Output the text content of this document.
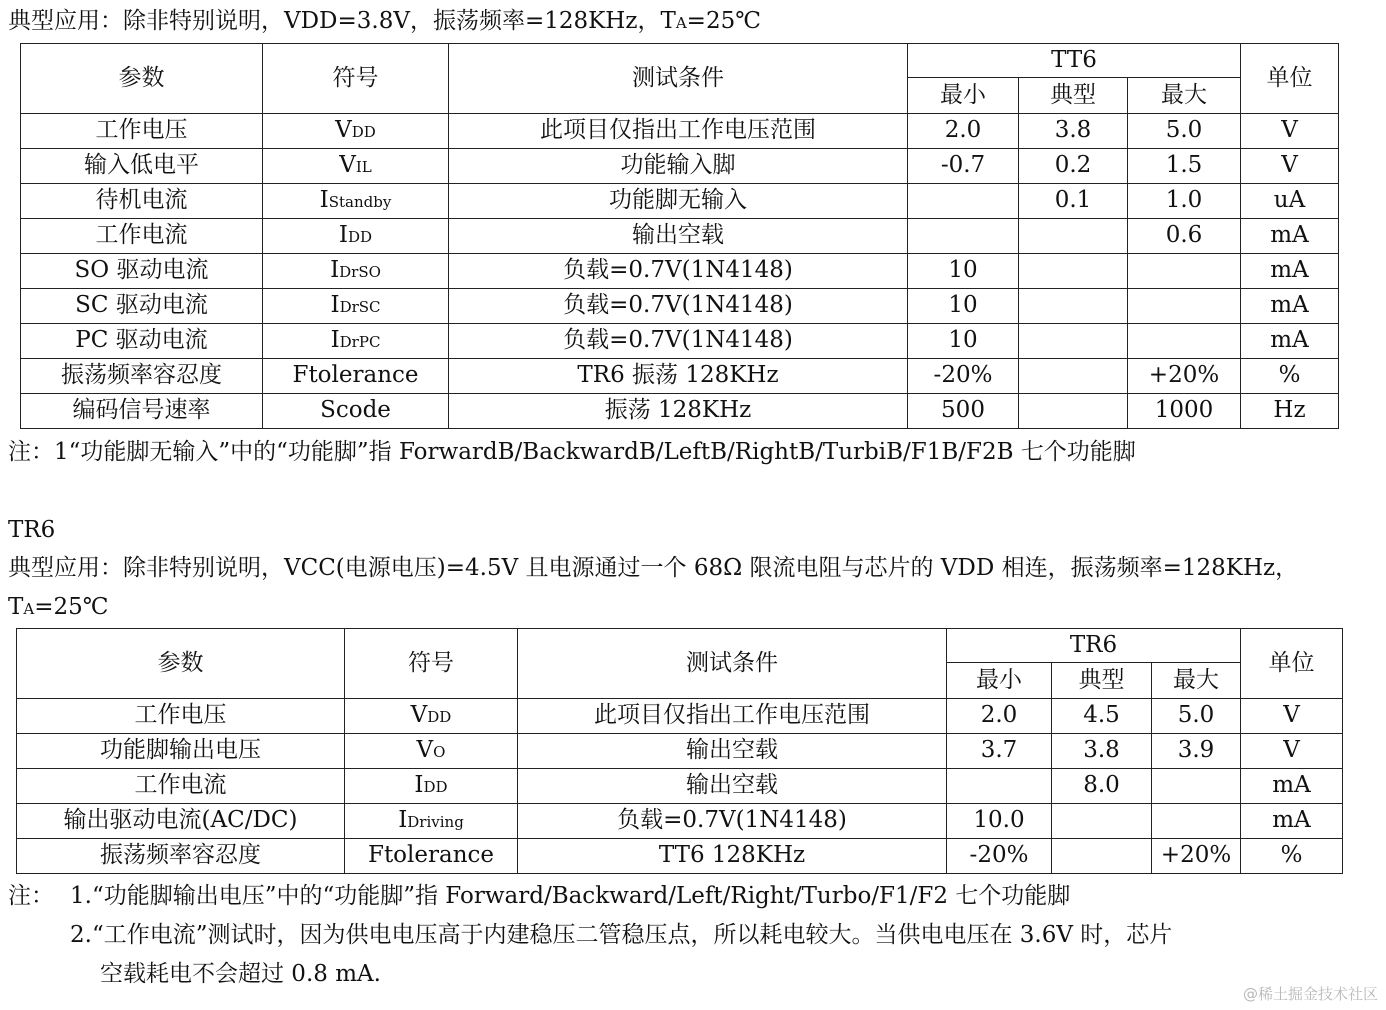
典型应用：除非特别说明，VDD=3.8V，振荡频率=128KHz，TA=25℃
参数	符号	测试条件	TT6			单位
			最小	典型	最大	
工作电压	VDD	此项目仅指出工作电压范围	2.0	3.8	5.0	V
输入低电平	VIL	功能输入脚	-0.7	0.2	1.5	V
待机电流	IStandby	功能脚无输入		0.1	1.0	uA
工作电流	IDD	输出空载			0.6	mA
SO 驱动电流	IDrSO	负载=0.7V(1N4148)	10			mA
SC 驱动电流	IDrSC	负载=0.7V(1N4148)	10			mA
PC 驱动电流	IDrPC	负载=0.7V(1N4148)	10			mA
振荡频率容忍度	Ftolerance	TR6 振荡 128KHz	-20%		+20%	%
编码信号速率	Scode	振荡 128KHz	500		1000	Hz
注：1“功能脚无输入”中的“功能脚”指 ForwardB/BackwardB/LeftB/RightB/TurbiB/F1B/F2B 七个功能脚
TR6
典型应用：除非特别说明，VCC(电源电压)=4.5V 且电源通过一个 68Ω 限流电阻与芯片的 VDD 相连，振荡频率=128KHz，
TA=25℃
参数	符号	测试条件	TR6			单位
			最小	典型	最大	
工作电压	VDD	此项目仅指出工作电压范围	2.0	4.5	5.0	V
功能脚输出电压	VO	输出空载	3.7	3.8	3.9	V
工作电流	IDD	输出空载		8.0		mA
输出驱动电流(AC/DC)	IDriving	负载=0.7V(1N4148)	10.0			mA
振荡频率容忍度	Ftolerance	TT6 128KHz	-20%		+20%	%
注： 1.“功能脚输出电压”中的“功能脚”指 Forward/Backward/Left/Right/Turbo/F1/F2 七个功能脚
2.“工作电流”测试时，因为供电电压高于内建稳压二管稳压点，所以耗电较大。当供电电压在 3.6V 时，芯片
空载耗电不会超过 0.8 mA.
@稀土掘金技术社区
